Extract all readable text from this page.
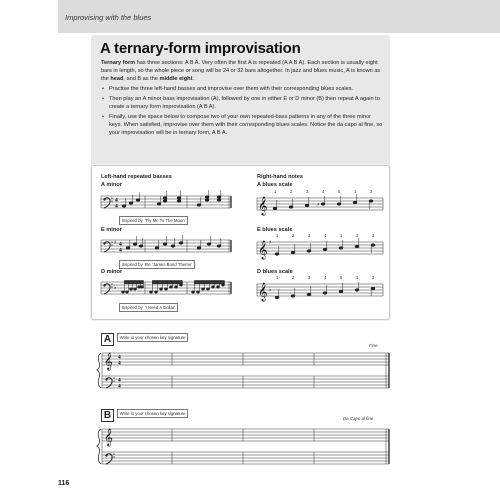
Improvising with the blues
A ternary-form improvisation

Ternary form has three sections: A B A. Very often the first A is repeated (A A B A). Each section is usually eight bars in length, so the whole piece or song will be 24 or 32 bars altogether. In jazz and blues music, A is known as the head, and B as the middle eight.

• Practise the three left-hand basses and improvise over them with their corresponding blues scales.
• Then play an A minor bass improvisation (A), followed by one in either E or D minor (B) then repeat A again to create a ternary form improvisation (A B A).
• Finally, use the space below to compose two of your own repeated-bass patterns in any of the three minor keys. When satisfied, improvise over them with their corresponding blues scales. Notice the da capo al fine, so your improvisation will be in ternary form, A B A.
Left-hand repeated basses	Right-hand notes
A minor
E minor
D minor
A blues scale
E blues scale
D blues scale
Inspired by 'Fly Me To The Moon'
Inspired by the 'James Bond Theme'
Inspired by 'I Need A Dollar'
4
4
♯ 4
4
♭
𝄞
1	2	3	4	5	1	2
♯
𝄞 ♯
1	2	3	4	1	2	3
𝄞 ♭
1	2	3	4	5	1	2
A	Write in your chosen key signature
Fine
𝄞 4
4
4
4
B	Write in your chosen key signature
Da Capo al fine
𝄞
116
